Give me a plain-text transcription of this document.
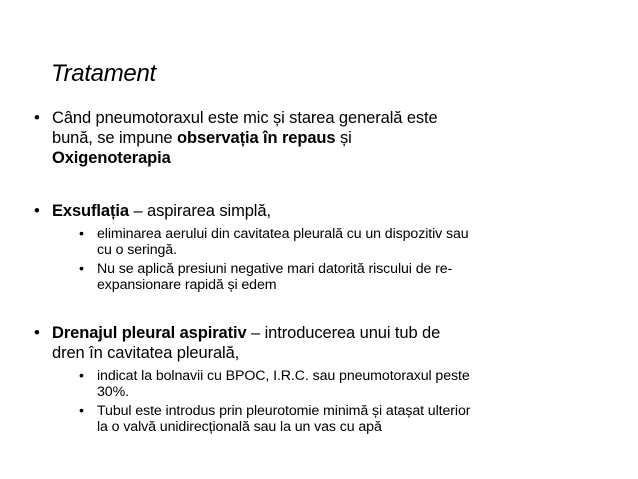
Tratament
• Când pneumotoraxul este mic și starea generală este
bună, se impune observația în repaus și
Oxigenoterapia
• Exsuflația – aspirarea simplă,
• eliminarea aerului din cavitatea pleurală cu un dispozitiv sau
cu o seringă.
• Nu se aplică presiuni negative mari datorită riscului de re-
expansionare rapidă și edem
• Drenajul pleural aspirativ – introducerea unui tub de
dren în cavitatea pleurală,
• indicat la bolnavii cu BPOC, I.R.C. sau pneumotoraxul peste
30%.
• Tubul este introdus prin pleurotomie minimă și atașat ulterior
la o valvă unidirecțională sau la un vas cu apă
